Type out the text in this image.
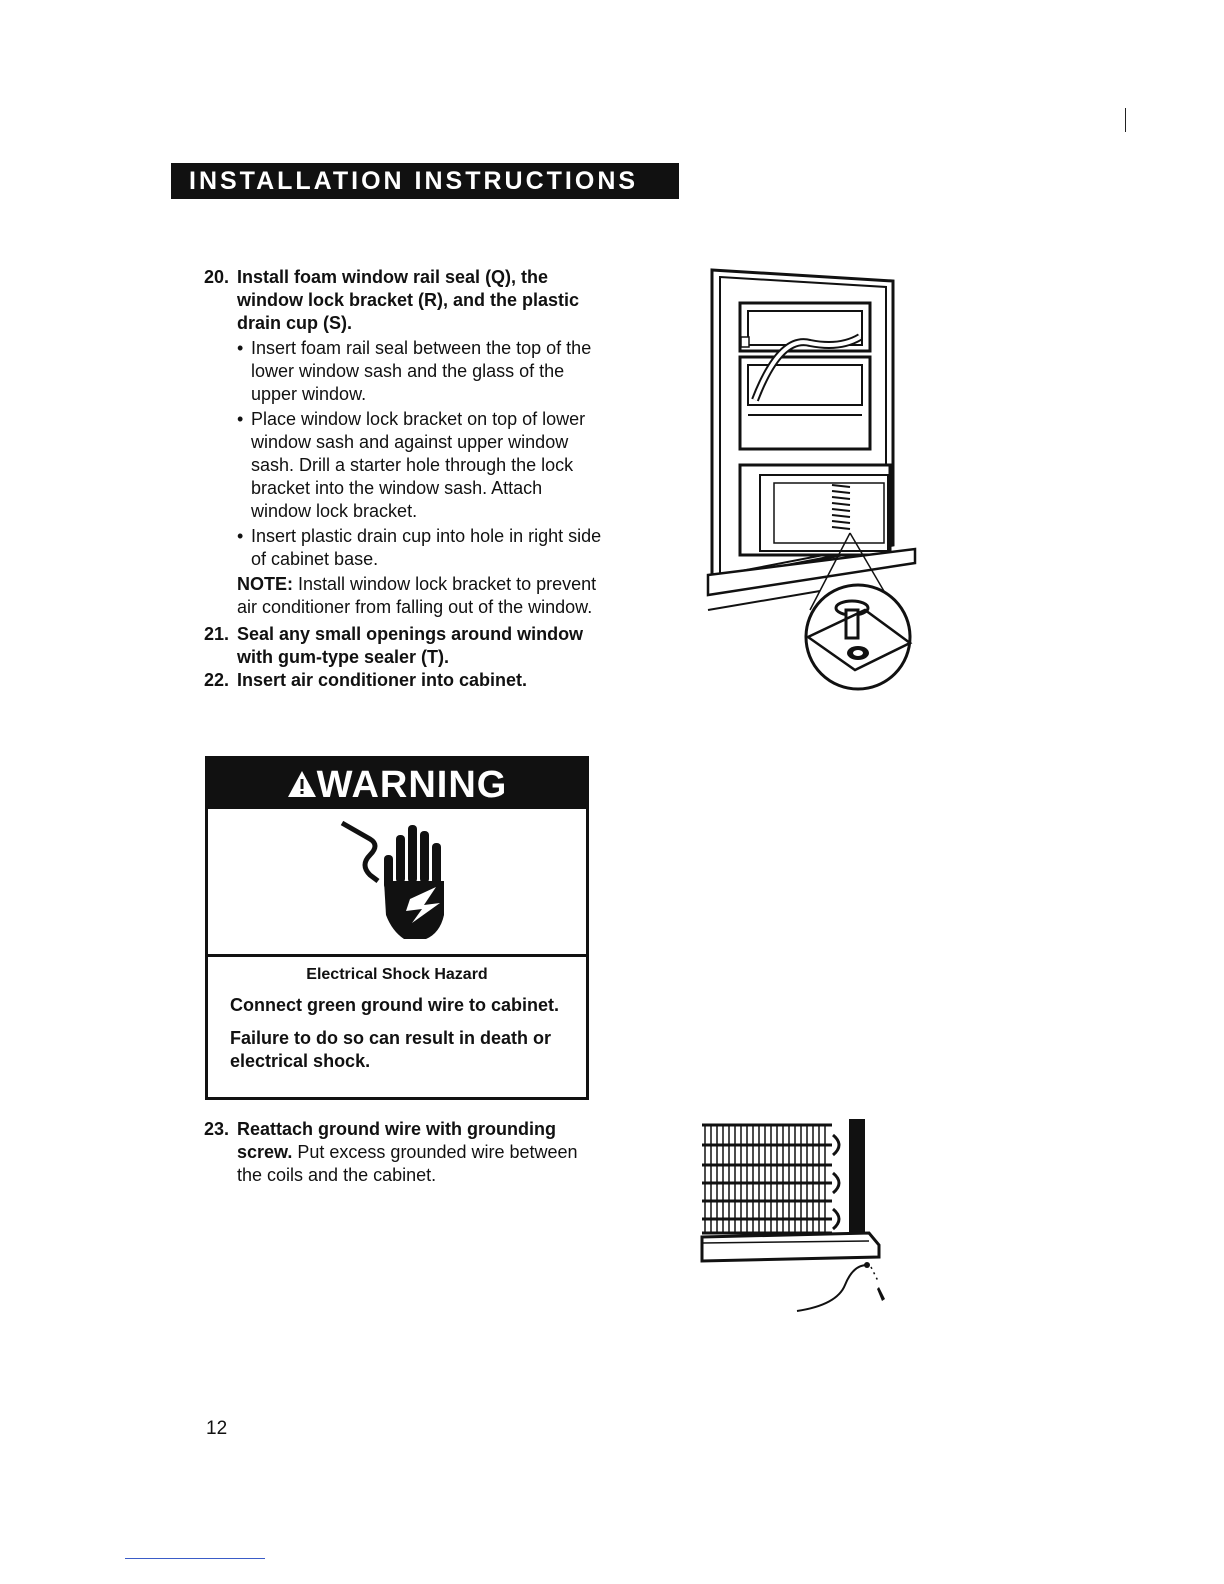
INSTALLATION INSTRUCTIONS
20. Install foam window rail seal (Q), the window lock bracket (R), and the plastic drain cup (S).
• Insert foam rail seal between the top of the lower window sash and the glass of the upper window.
• Place window lock bracket on top of lower window sash and against upper window sash. Drill a starter hole through the lock bracket into the window sash. Attach window lock bracket.
• Insert plastic drain cup into hole in right side of cabinet base.
NOTE: Install window lock bracket to prevent air conditioner from falling out of the window.
21. Seal any small openings around window with gum-type sealer (T).
22. Insert air conditioner into cabinet.
WARNING
Electrical Shock Hazard

Connect green ground wire to cabinet.

Failure to do so can result in death or electrical shock.

23. Reattach ground wire with grounding screw. Put excess grounded wire between the coils and the cabinet.
12
